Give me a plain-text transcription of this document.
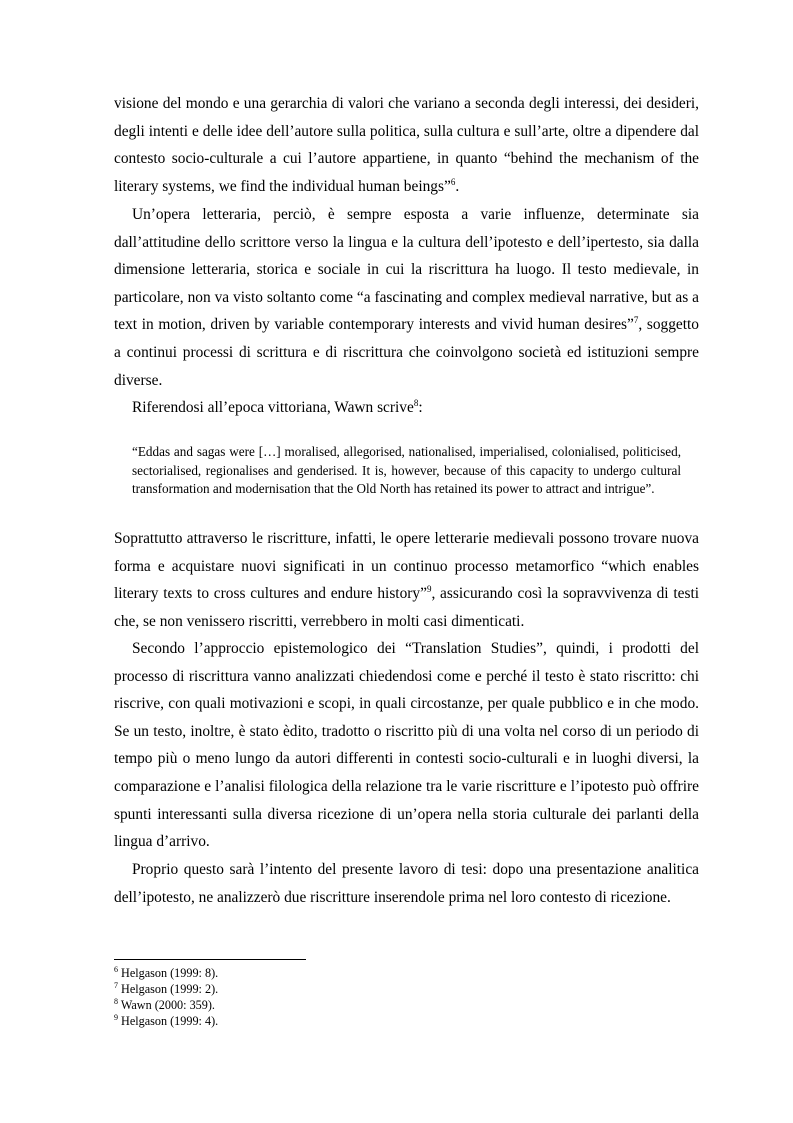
visione del mondo e una gerarchia di valori che variano a seconda degli interessi, dei desideri, degli intenti e delle idee dell’autore sulla politica, sulla cultura e sull’arte, oltre a dipendere dal contesto socio-culturale a cui l’autore appartiene, in quanto “behind the mechanism of the literary systems, we find the individual human beings”$^6$.

Un’opera letteraria, perciò, è sempre esposta a varie influenze, determinate sia dall’attitudine dello scrittore verso la lingua e la cultura dell’ipotesto e dell’ipertesto, sia dalla dimensione letteraria, storica e sociale in cui la riscrittura ha luogo. Il testo medievale, in particolare, non va visto soltanto come “a fascinating and complex medieval narrative, but as a text in motion, driven by variable contemporary interests and vivid human desires”$^7$, soggetto a continui processi di scrittura e di riscrittura che coinvolgono società ed istituzioni sempre diverse.

Riferendosi all’epoca vittoriana, Wawn scrive$^8$:

“Eddas and sagas were […] moralised, allegorised, nationalised, imperialised, colonialised, politicised, sectorialised, regionalises and genderised. It is, however, because of this capacity to undergo cultural transformation and modernisation that the Old North has retained its power to attract and intrigue”.

Soprattutto attraverso le riscritture, infatti, le opere letterarie medievali possono trovare nuova forma e acquistare nuovi significati in un continuo processo metamorfico “which enables literary texts to cross cultures and endure history”$^9$, assicurando così la sopravvivenza di testi che, se non venissero riscritti, verrebbero in molti casi dimenticati.

Secondo l’approccio epistemologico dei “Translation Studies”, quindi, i prodotti del processo di riscrittura vanno analizzati chiedendosi come e perché il testo è stato riscritto: chi riscrive, con quali motivazioni e scopi, in quali circostanze, per quale pubblico e in che modo. Se un testo, inoltre, è stato èdito, tradotto o riscritto più di una volta nel corso di un periodo di tempo più o meno lungo da autori differenti in contesti socio-culturali e in luoghi diversi, la comparazione e l’analisi filologica della relazione tra le varie riscritture e l’ipotesto può offrire spunti interessanti sulla diversa ricezione di un’opera nella storia culturale dei parlanti della lingua d’arrivo.

Proprio questo sarà l’intento del presente lavoro di tesi: dopo una presentazione analitica dell’ipotesto, ne analizzerò due riscritture inserendole prima nel loro contesto di ricezione.

$^6$ Helgason (1999: 8).

$^7$ Helgason (1999: 2).

$^8$ Wawn (2000: 359).

$^9$ Helgason (1999: 4).
